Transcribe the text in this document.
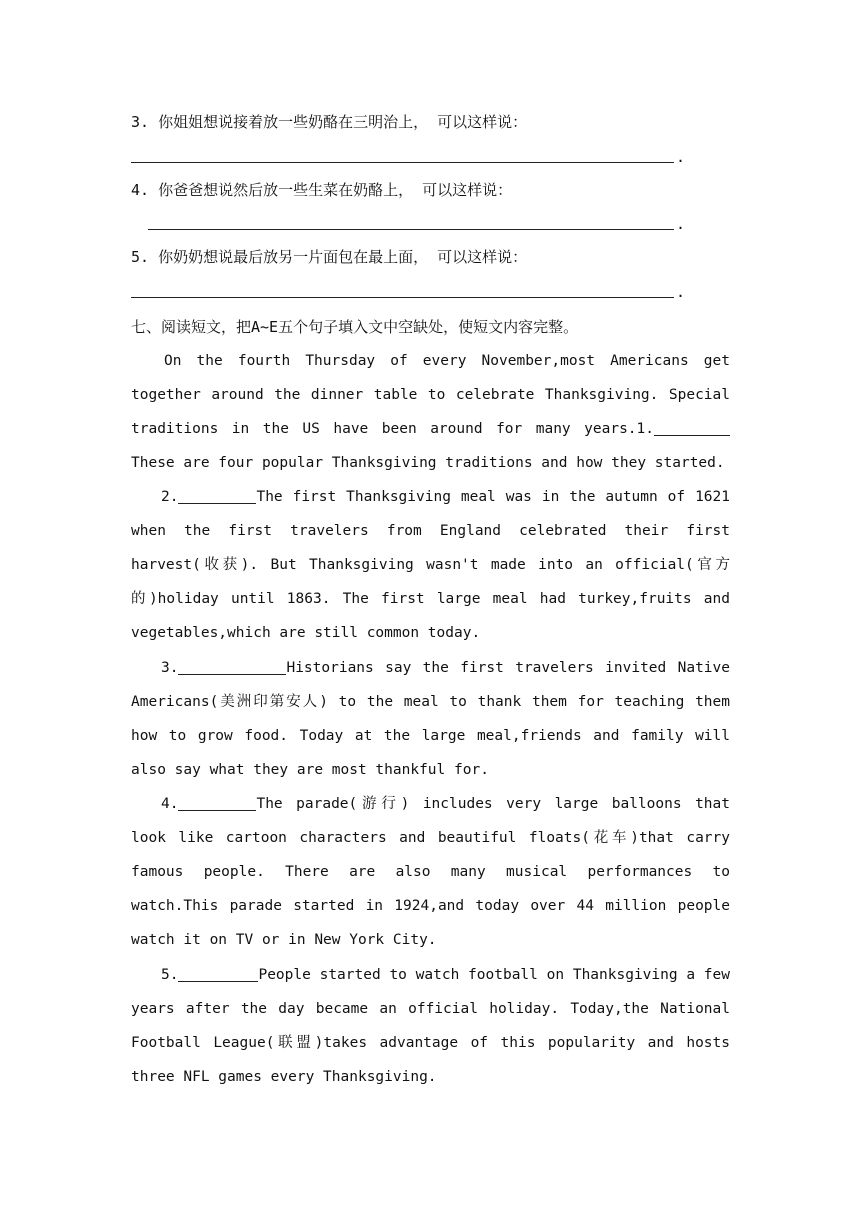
3. 你姐姐想说接着放一些奶酪在三明治上， 可以这样说：
.
4. 你爸爸想说然后放一些生菜在奶酪上， 可以这样说：
.
5. 你奶奶想说最后放另一片面包在最上面， 可以这样说：
.
七、阅读短文，把A~E五个句子填入文中空缺处，使短文内容完整。
On the fourth Thursday of every November,most Americans get together around the dinner table to celebrate Thanksgiving. Special traditions in the US have been around for many years.1.These are four popular Thanksgiving traditions and how they started.
2.	The first Thanksgiving meal was in the autumn of 1621 when the first travelers from England celebrated their first harvest(收获). But Thanksgiving wasn't made into an official(官方的)holiday until 1863. The first large meal had turkey,fruits and vegetables,which are still common today.
3.	Historians say the first travelers invited Native Americans(美洲印第安人) to the meal to thank them for teaching them how to grow food. Today at the large meal,friends and family will also say what they are most thankful for.
4.	The parade(游行) includes very large balloons that look like cartoon characters and beautiful floats(花车)that carry famous people. There are also many musical performances to watch.This parade started in 1924,and today over 44 million people watch it on TV or in New York City.
5.	People started to watch football on Thanksgiving a few years after the day became an official holiday. Today,the National Football League(联盟)takes advantage of this popularity and hosts three NFL games every Thanksgiving.
